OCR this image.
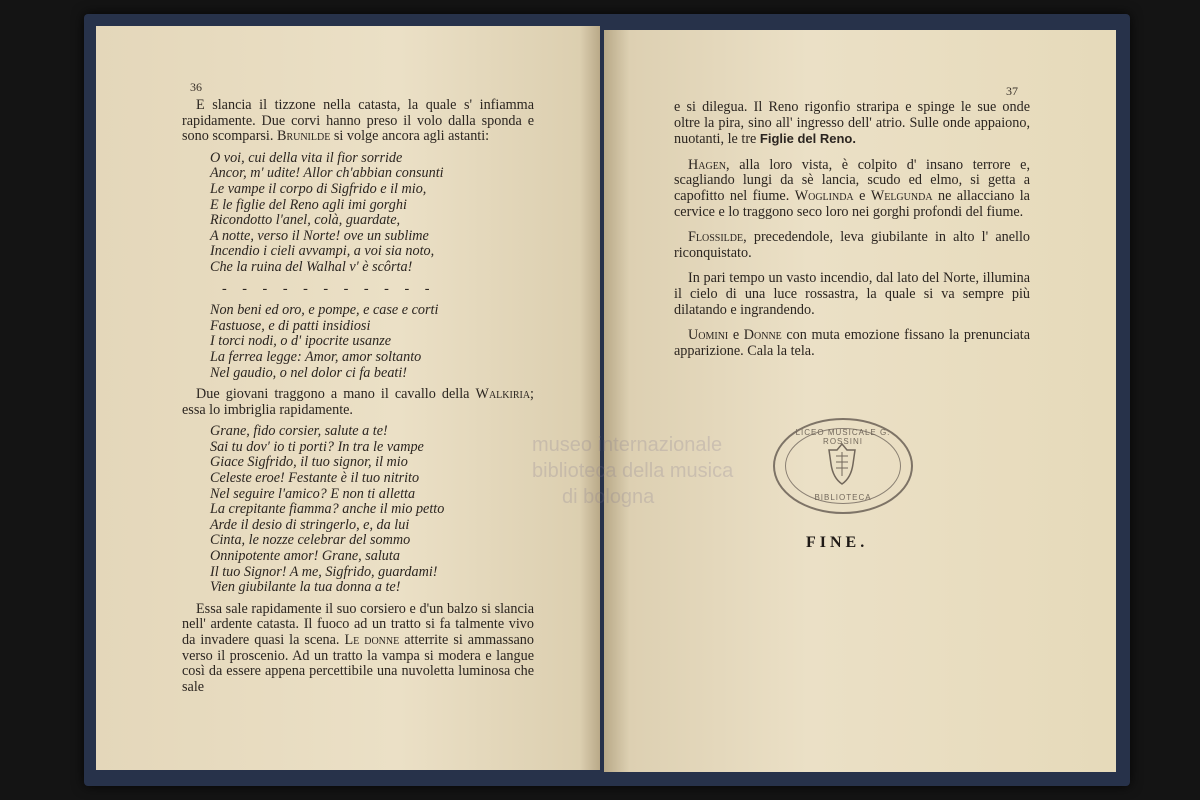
36

E slancia il tizzone nella catasta, la quale s' infiamma rapidamente. Due corvi hanno preso il volo dalla sponda e sono scomparsi. Brunilde si volge ancora agli astanti:

O voi, cui della vita il fior sorride
Ancor, m' udite! Allor ch'abbian consunti
Le vampe il corpo di Sigfrido e il mio,
E le figlie del Reno agli imi gorghi
Ricondotto l'anel, colà, guardate,
A notte, verso il Norte! ove un sublime
Incendio i cieli avvampi, a voi sia noto,
Che la ruina del Walhal v' è scôrta!
- - - - - - - - - - -
Non beni ed oro, e pompe, e case e corti
Fastuose, e di patti insidiosi
I torci nodi, o d' ipocrite usanze
La ferrea legge: Amor, amor soltanto
Nel gaudio, o nel dolor ci fa beati!

Due giovani traggono a mano il cavallo della Walkiria; essa lo imbriglia rapidamente.

Grane, fido corsier, salute a te!
Sai tu dov' io ti porti? In tra le vampe
Giace Sigfrido, il tuo signor, il mio
Celeste eroe! Festante è il tuo nitrito
Nel seguire l'amico? E non ti alletta
La crepitante fiamma? anche il mio petto
Arde il desio di stringerlo, e, da lui
Cinta, le nozze celebrar del sommo
Onnipotente amor! Grane, saluta
Il tuo Signor! A me, Sigfrido, guardami!
Vien giubilante la tua donna a te!

Essa sale rapidamente il suo corsiero e d'un balzo si slancia nell' ardente catasta. Il fuoco ad un tratto si fa talmente vivo da invadere quasi la scena. Le donne atterrite si ammassano verso il proscenio. Ad un tratto la vampa si modera e langue così da essere appena percettibile una nuvoletta luminosa che sale

37

e si dilegua. Il Reno rigonfio straripa e spinge le sue onde oltre la pira, sino all' ingresso dell' atrio. Sulle onde appaiono, nuotanti, le tre Figlie del Reno.

Hagen, alla loro vista, è colpito d' insano terrore e, scagliando lungi da sè lancia, scudo ed elmo, si getta a capofitto nel fiume. Woglinda e Welgunda ne allacciano la cervice e lo traggono seco loro nei gorghi profondi del fiume.

Flossilde, precedendole, leva giubilante in alto l' anello riconquistato.

In pari tempo un vasto incendio, dal lato del Norte, illumina il cielo di una luce rossastra, la quale si va sempre più dilatando e ingrandendo.

Uomini e Donne con muta emozione fissano la prenunciata apparizione. Cala la tela.

LICEO MUSICALE G. ROSSINI
BIBLIOTECA
FINE.
museo internazionale
biblioteca della musica
di bologna
